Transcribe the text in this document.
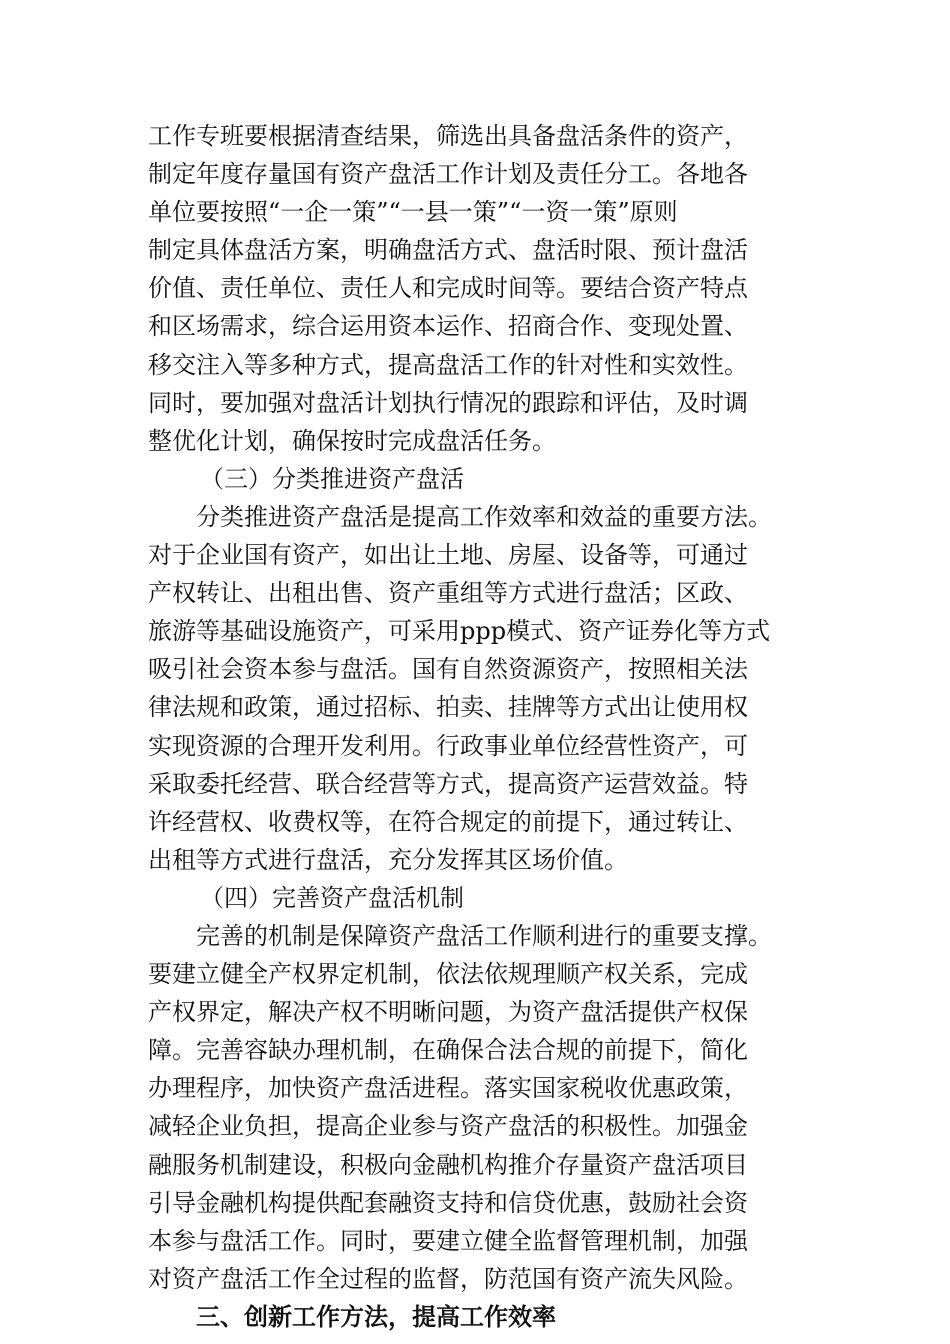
工作专班要根据清查结果，筛选出具备盘活条件的资产，
制定年度存量国有资产盘活工作计划及责任分工。各地各
单位要按照“一企一策”“一县一策”“一资一策”原则
制定具体盘活方案，明确盘活方式、盘活时限、预计盘活
价值、责任单位、责任人和完成时间等。要结合资产特点
和区场需求，综合运用资本运作、招商合作、变现处置、
移交注入等多种方式，提高盘活工作的针对性和实效性。
同时，要加强对盘活计划执行情况的跟踪和评估，及时调
整优化计划，确保按时完成盘活任务。
（三）分类推进资产盘活
分类推进资产盘活是提高工作效率和效益的重要方法。
对于企业国有资产，如出让土地、房屋、设备等，可通过
产权转让、出租出售、资产重组等方式进行盘活；区政、
旅游等基础设施资产，可采用ppp模式、资产证券化等方式
吸引社会资本参与盘活。国有自然资源资产，按照相关法
律法规和政策，通过招标、拍卖、挂牌等方式出让使用权
实现资源的合理开发利用。行政事业单位经营性资产，可
采取委托经营、联合经营等方式，提高资产运营效益。特
许经营权、收费权等，在符合规定的前提下，通过转让、
出租等方式进行盘活，充分发挥其区场价值。
（四）完善资产盘活机制
完善的机制是保障资产盘活工作顺利进行的重要支撑。
要建立健全产权界定机制，依法依规理顺产权关系，完成
产权界定，解决产权不明晰问题，为资产盘活提供产权保
障。完善容缺办理机制，在确保合法合规的前提下，简化
办理程序，加快资产盘活进程。落实国家税收优惠政策，
减轻企业负担，提高企业参与资产盘活的积极性。加强金
融服务机制建设，积极向金融机构推介存量资产盘活项目
引导金融机构提供配套融资支持和信贷优惠，鼓励社会资
本参与盘活工作。同时，要建立健全监督管理机制，加强
对资产盘活工作全过程的监督，防范国有资产流失风险。
三、创新工作方法，提高工作效率
